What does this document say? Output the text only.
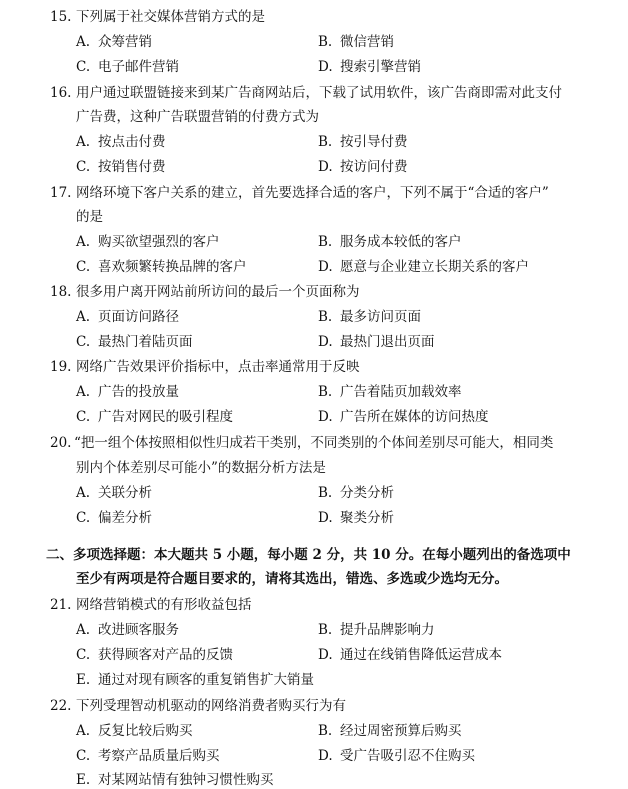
15. 下列属于社交媒体营销方式的是
A. 众筹营销	B. 微信营销
C. 电子邮件营销	D. 搜索引擎营销
16. 用户通过联盟链接来到某广告商网站后，下载了试用软件，该广告商即需对此支付
广告费，这种广告联盟营销的付费方式为
A. 按点击付费	B. 按引导付费
C. 按销售付费	D. 按访问付费
17. 网络环境下客户关系的建立，首先要选择合适的客户，下列不属于“合适的客户”
的是
A. 购买欲望强烈的客户	B. 服务成本较低的客户
C. 喜欢频繁转换品牌的客户	D. 愿意与企业建立长期关系的客户
18. 很多用户离开网站前所访问的最后一个页面称为
A. 页面访问路径	B. 最多访问页面
C. 最热门着陆页面	D. 最热门退出页面
19. 网络广告效果评价指标中，点击率通常用于反映
A. 广告的投放量	B. 广告着陆页加载效率
C. 广告对网民的吸引程度	D. 广告所在媒体的访问热度
20. “把一组个体按照相似性归成若干类别，不同类别的个体间差别尽可能大，相同类
别内个体差别尽可能小”的数据分析方法是
A. 关联分析	B. 分类分析
C. 偏差分析	D. 聚类分析
二、多项选择题：本大题共 5 小题，每小题 2 分，共 10 分。在每小题列出的备选项中
至少有两项是符合题目要求的，请将其选出，错选、多选或少选均无分。
21. 网络营销模式的有形收益包括
A. 改进顾客服务	B. 提升品牌影响力
C. 获得顾客对产品的反馈	D. 通过在线销售降低运营成本
E. 通过对现有顾客的重复销售扩大销量
22. 下列受理智动机驱动的网络消费者购买行为有
A. 反复比较后购买	B. 经过周密预算后购买
C. 考察产品质量后购买	D. 受广告吸引忍不住购买
E. 对某网站情有独钟习惯性购买
